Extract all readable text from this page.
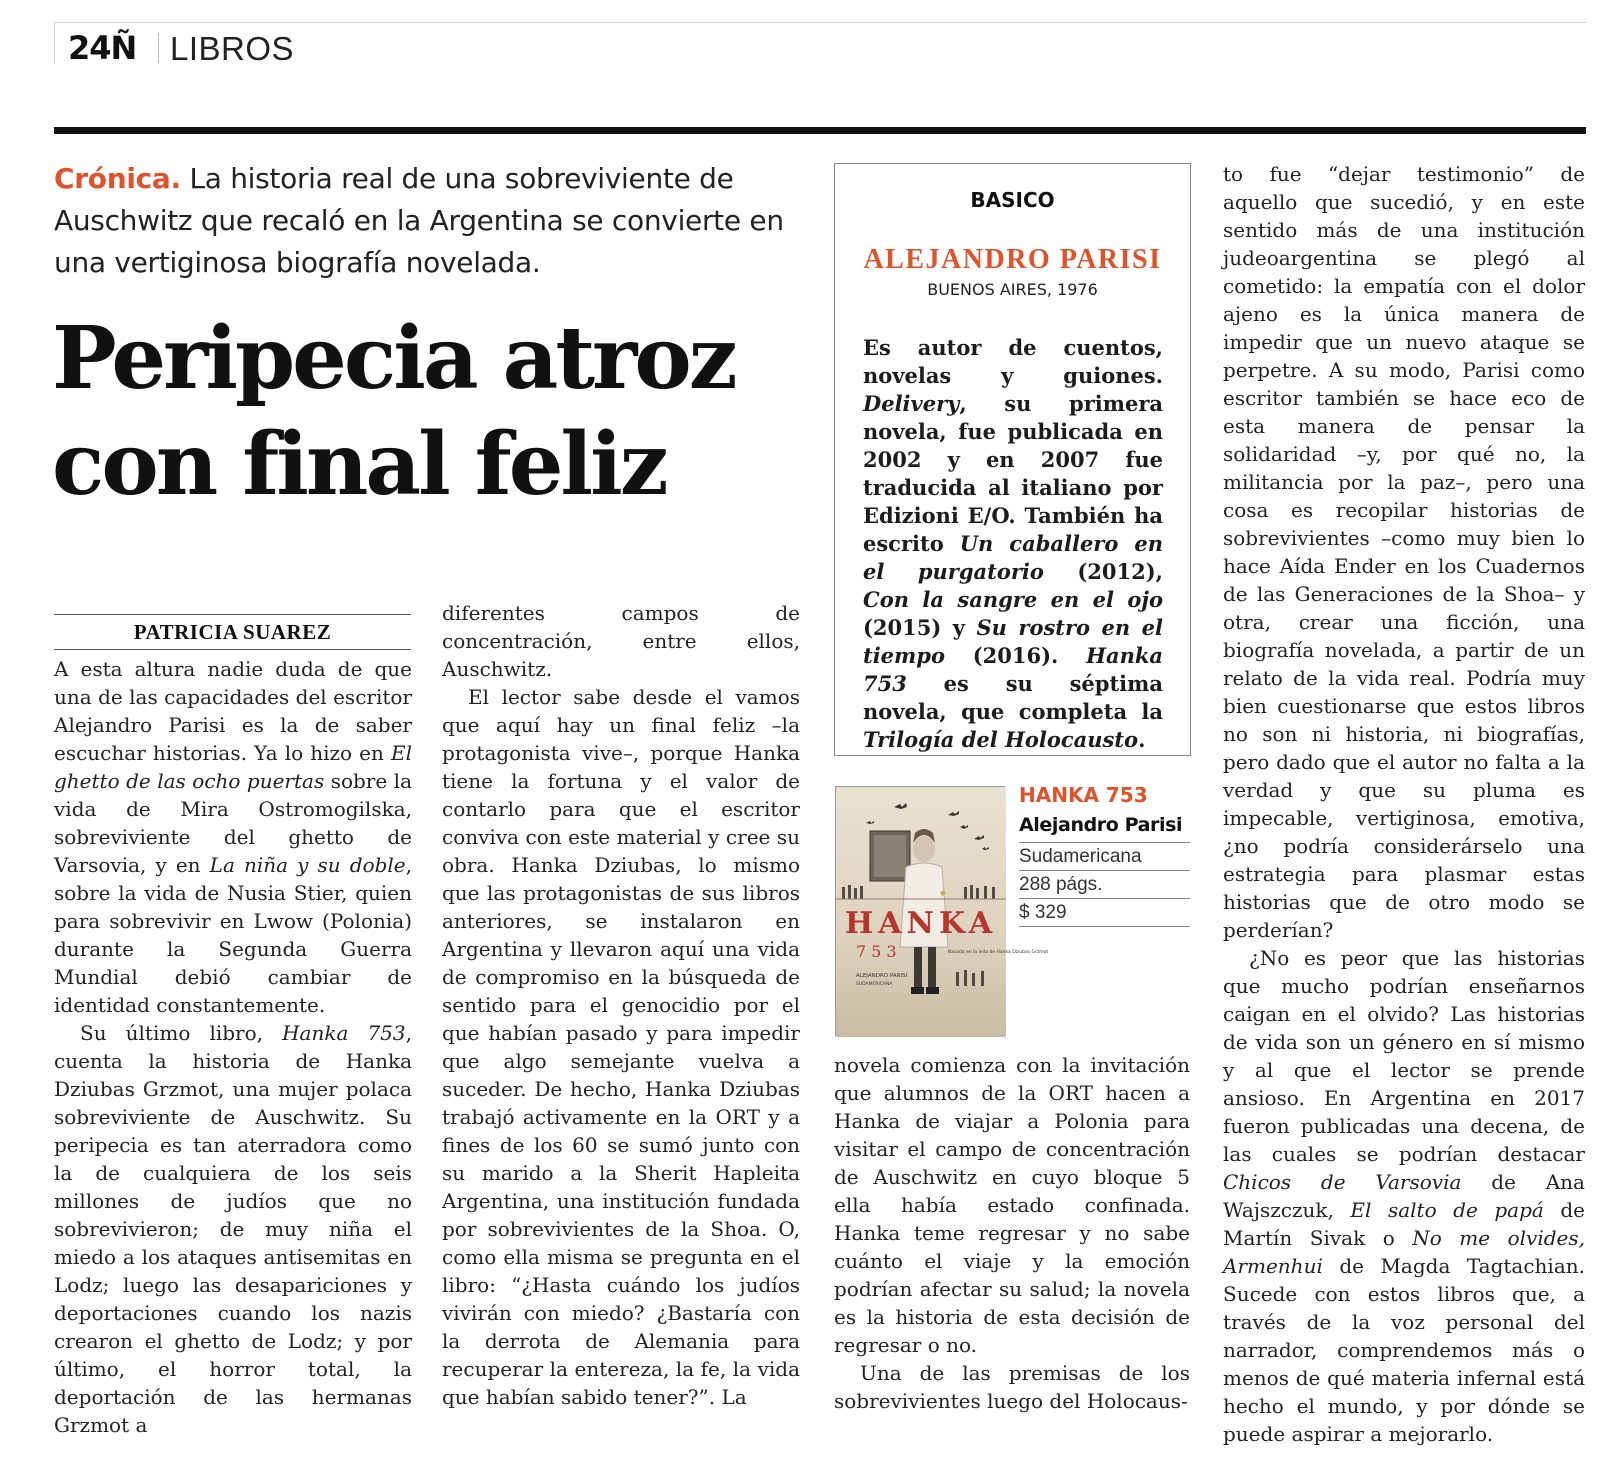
24Ñ LIBROS
Crónica. La historia real de una sobreviviente de Auschwitz que recaló en la Argentina se convierte en una vertiginosa biografía novelada.
Peripecia atroz
con final feliz
PATRICIA SUAREZ

A esta altura nadie duda de que una de las capacidades del escritor Alejandro Parisi es la de saber escuchar historias. Ya lo hizo en El ghetto de las ocho puertas sobre la vida de Mira Ostromogilska, sobreviviente del ghetto de Varsovia, y en La niña y su doble, sobre la vida de Nusia Stier, quien para sobrevivir en Lwow (Polonia) durante la Segunda Guerra Mundial debió cambiar de identidad constantemente.

Su último libro, Hanka 753, cuenta la historia de Hanka Dziubas Grzmot, una mujer polaca sobreviviente de Auschwitz. Su peripecia es tan aterradora como la de cualquiera de los seis millones de judíos que no sobrevivieron; de muy niña el miedo a los ataques antisemitas en Lodz; luego las desapariciones y deportaciones cuando los nazis crearon el ghetto de Lodz; y por último, el horror total, la deportación de las hermanas Grzmot a

diferentes campos de concentración, entre ellos, Auschwitz.

El lector sabe desde el vamos que aquí hay un final feliz –la protagonista vive–, porque Hanka tiene la fortuna y el valor de contarlo para que el escritor conviva con este material y cree su obra. Hanka Dziubas, lo mismo que las protagonistas de sus libros anteriores, se instalaron en Argentina y llevaron aquí una vida de compromiso en la búsqueda de sentido para el genocidio por el que habían pasado y para impedir que algo semejante vuelva a suceder. De hecho, Hanka Dziubas trabajó activamente en la ORT y a fines de los 60 se sumó junto con su marido a la Sherit Hapleita Argentina, una institución fundada por sobrevivientes de la Shoa. O, como ella misma se pregunta en el libro: “¿Hasta cuándo los judíos vivirán con miedo? ¿Bastaría con la derrota de Alemania para recuperar la entereza, la fe, la vida que habían sabido tener?”. La

BASICO
ALEJANDRO PARISI
BUENOS AIRES, 1976
Es autor de cuentos, novelas y guiones. Delivery, su primera novela, fue publicada en 2002 y en 2007 fue traducida al italiano por Edizioni E/O. También ha escrito Un caballero en el purgatorio (2012), Con la sangre en el ojo (2015) y Su rostro en el tiempo (2016). Hanka 753 es su séptima novela, que completa la Trilogía del Holocausto.
HANKA
753	Basada en la vida de Hanka Dziubas Grzmot
ALEJANDRO PARISI
SUDAMERICANA
HANKA 753
Alejandro Parisi
Sudamericana
288 págs.
$ 329

novela comienza con la invitación que alumnos de la ORT hacen a Hanka de viajar a Polonia para visitar el campo de concentración de Auschwitz en cuyo bloque 5 ella había estado confinada. Hanka teme regresar y no sabe cuánto el viaje y la emoción podrían afectar su salud; la novela es la historia de esta decisión de regresar o no.

Una de las premisas de los sobrevivientes luego del Holocaus-

to fue “dejar testimonio” de aquello que sucedió, y en este sentido más de una institución judeoargentina se plegó al cometido: la empatía con el dolor ajeno es la única manera de impedir que un nuevo ataque se perpetre. A su modo, Parisi como escritor también se hace eco de esta manera de pensar la solidaridad –y, por qué no, la militancia por la paz–, pero una cosa es recopilar historias de sobrevivientes –como muy bien lo hace Aída Ender en los Cuadernos de las Generaciones de la Shoa– y otra, crear una ficción, una biografía novelada, a partir de un relato de la vida real. Podría muy bien cuestionarse que estos libros no son ni historia, ni biografías, pero dado que el autor no falta a la verdad y que su pluma es impecable, vertiginosa, emotiva, ¿no podría considerárselo una estrategia para plasmar estas historias que de otro modo se perderían?

¿No es peor que las historias que mucho podrían enseñarnos caigan en el olvido? Las historias de vida son un género en sí mismo y al que el lector se prende ansioso. En Argentina en 2017 fueron publicadas una decena, de las cuales se podrían destacar Chicos de Varsovia de Ana Wajszczuk, El salto de papá de Martín Sivak o No me olvides, Armenhui de Magda Tagtachian. Sucede con estos libros que, a través de la voz personal del narrador, comprendemos más o menos de qué materia infernal está hecho el mundo, y por dónde se puede aspirar a mejorarlo.
